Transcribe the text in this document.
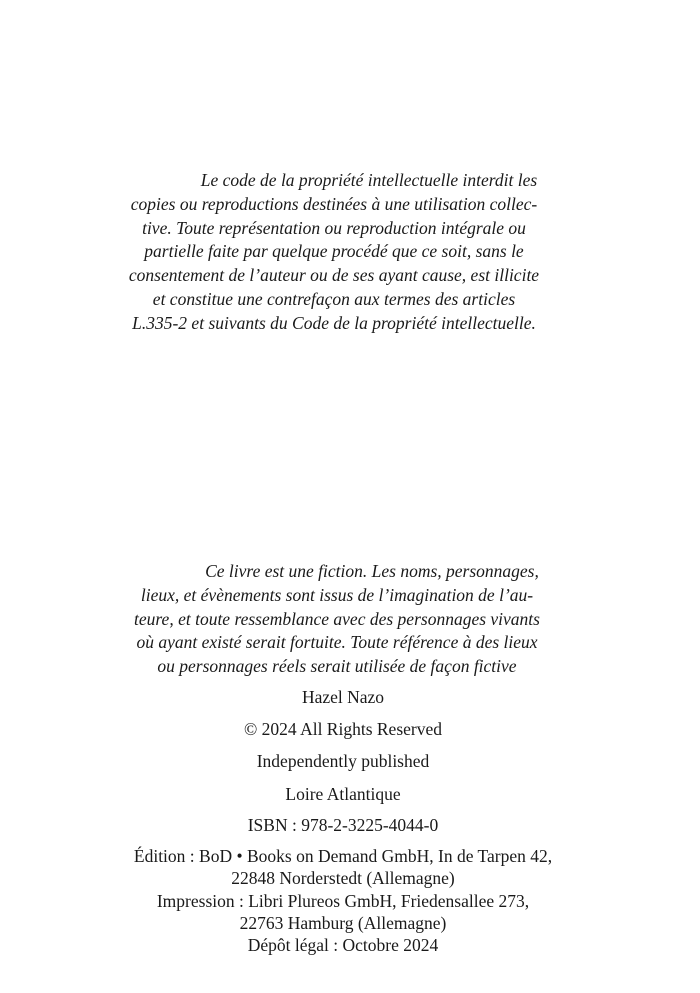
Le code de la propriété intellectuelle interdit les
copies ou reproductions destinées à une utilisation collec-
tive. Toute représentation ou reproduction intégrale ou
partielle faite par quelque procédé que ce soit, sans le
consentement de l’auteur ou de ses ayant cause, est illicite
et constitue une contrefaçon aux termes des articles
L.335-2 et suivants du Code de la propriété intellectuelle.
Ce livre est une fiction. Les noms, personnages,
lieux, et évènements sont issus de l’imagination de l’au-
teure, et toute ressemblance avec des personnages vivants
où ayant existé serait fortuite. Toute référence à des lieux
ou personnages réels serait utilisée de façon fictive
Hazel Nazo
© 2024 All Rights Reserved
Independently published
Loire Atlantique
ISBN : 978-2-3225-4044-0
Édition : BoD • Books on Demand GmbH, In de Tarpen 42,
22848 Norderstedt (Allemagne)
Impression : Libri Plureos GmbH, Friedensallee 273,
22763 Hamburg (Allemagne)
Dépôt légal : Octobre 2024
